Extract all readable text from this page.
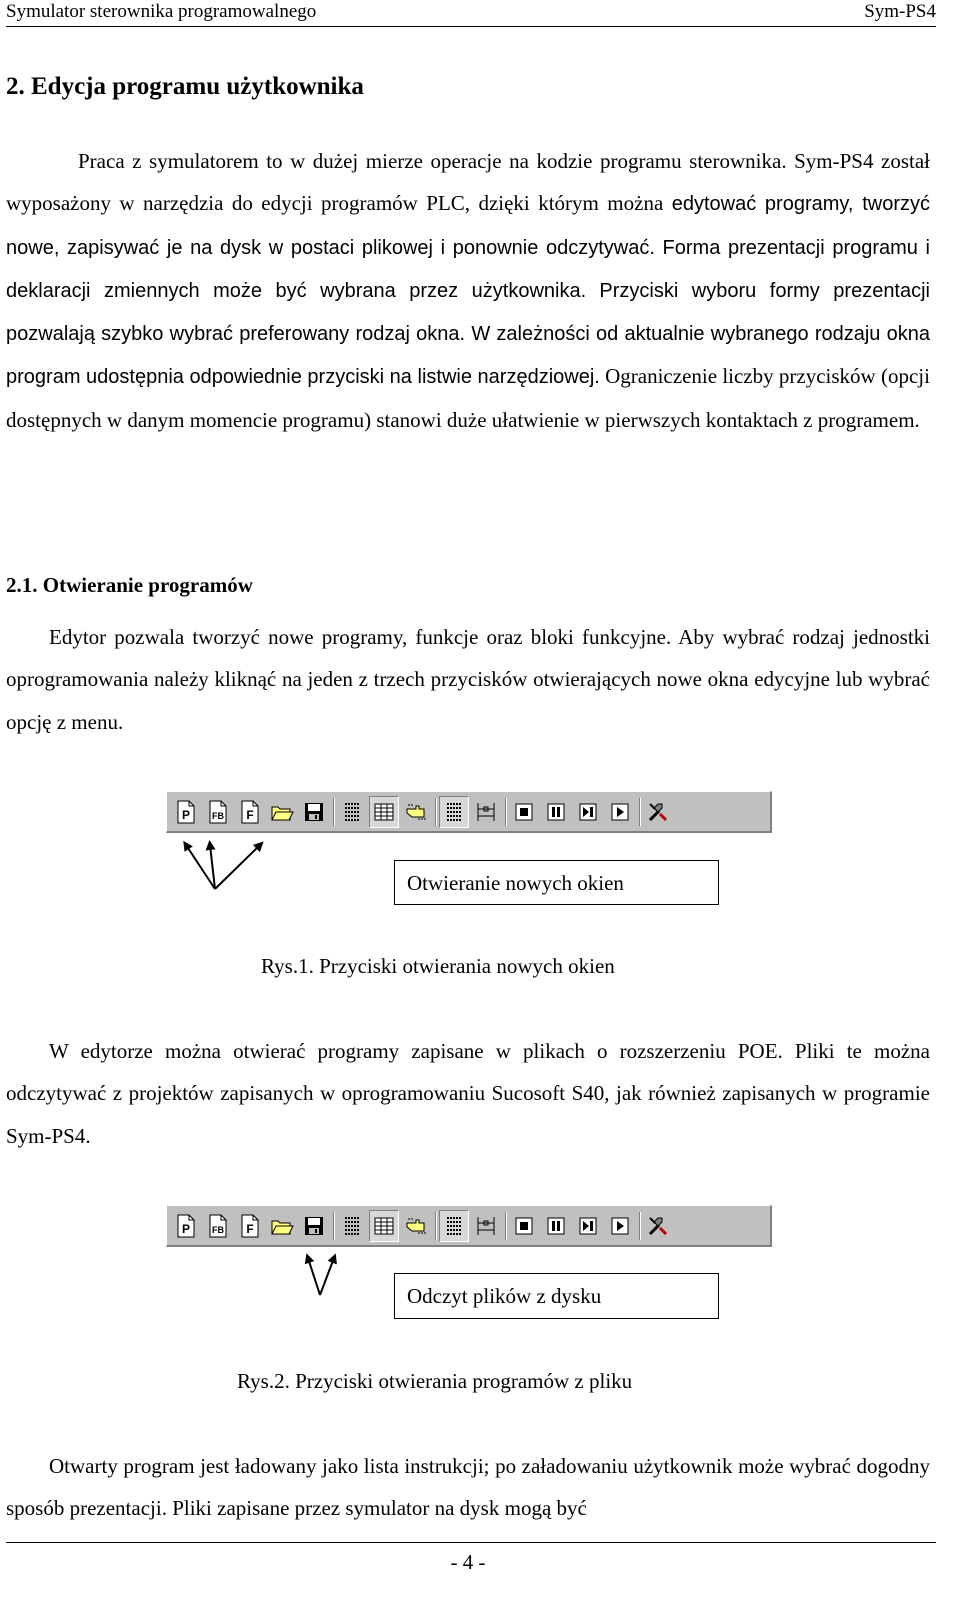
Symulator sterownika programowalnego	Sym-PS4
2. Edycja programu użytkownika

Praca z symulatorem to w dużej mierze operacje na kodzie programu sterownika. Sym-PS4 został wyposażony w narzędzia do edycji programów PLC, dzięki którym można edytować programy, tworzyć nowe, zapisywać je na dysk w postaci plikowej i ponownie odczytywać. Forma prezentacji programu i deklaracji zmiennych może być wybrana przez użytkownika. Przyciski wyboru formy prezentacji pozwalają szybko wybrać preferowany rodzaj okna. W zależności od aktualnie wybranego rodzaju okna program udostępnia odpowiednie przyciski na listwie narzędziowej. Ograniczenie liczby przycisków (opcji dostępnych w danym momencie programu) stanowi duże ułatwienie w pierwszych kontaktach z programem.

2.1. Otwieranie programów

Edytor pozwala tworzyć nowe programy, funkcje oraz bloki funkcyjne. Aby wybrać rodzaj jednostki oprogramowania należy kliknąć na jeden z trzech przycisków otwierających nowe okna edycyjne lub wybrać opcję z menu.

P FB F
Otwieranie nowych okien
Rys.1. Przyciski otwierania nowych okien

W edytorze można otwierać programy zapisane w plikach o rozszerzeniu POE. Pliki te można odczytywać z projektów zapisanych w oprogramowaniu Sucosoft S40, jak również zapisanych w programie Sym-PS4.

P FB F
Odczyt plików z dysku
Rys.2. Przyciski otwierania programów z pliku

Otwarty program jest ładowany jako lista instrukcji; po załadowaniu użytkownik może wybrać dogodny sposób prezentacji. Pliki zapisane przez symulator na dysk mogą być

- 4 -
